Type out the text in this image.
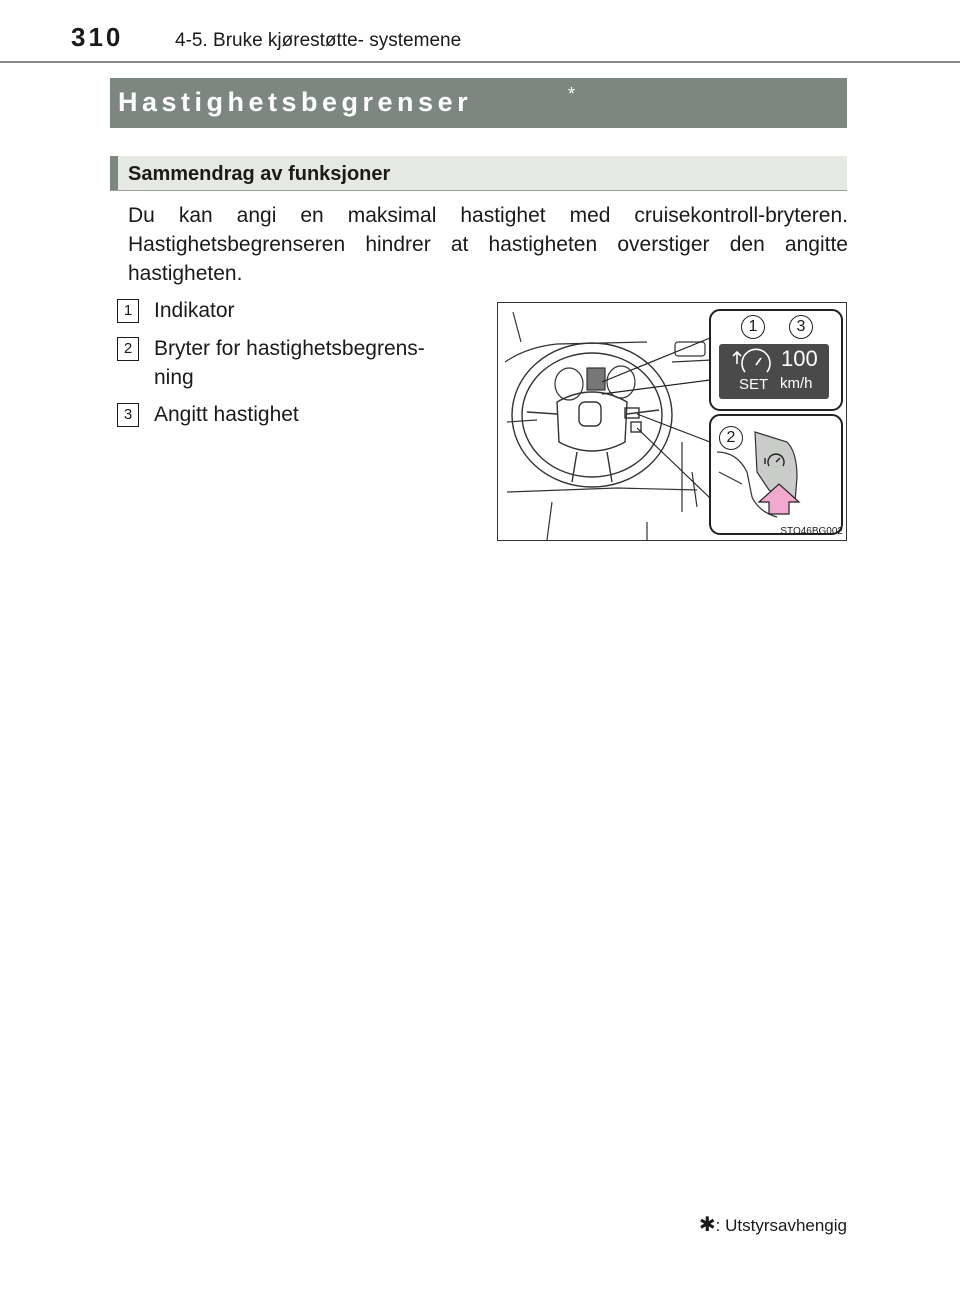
310	4-5. Bruke kjørestøtte- systemene
Hastighetsbegrenser	*
Sammendrag av funksjoner
Du kan angi en maksimal hastighet med cruisekontroll-bryteren. Hastighetsbegrenseren hindrer at hastigheten overstiger den angitte hastigheten.
1	Indikator
2	Bryter for hastighetsbegrens-
ning
3	Angitt hastighet
1	3
2
100
SET km/h
STO46BG002
✱: Utstyrsavhengig
